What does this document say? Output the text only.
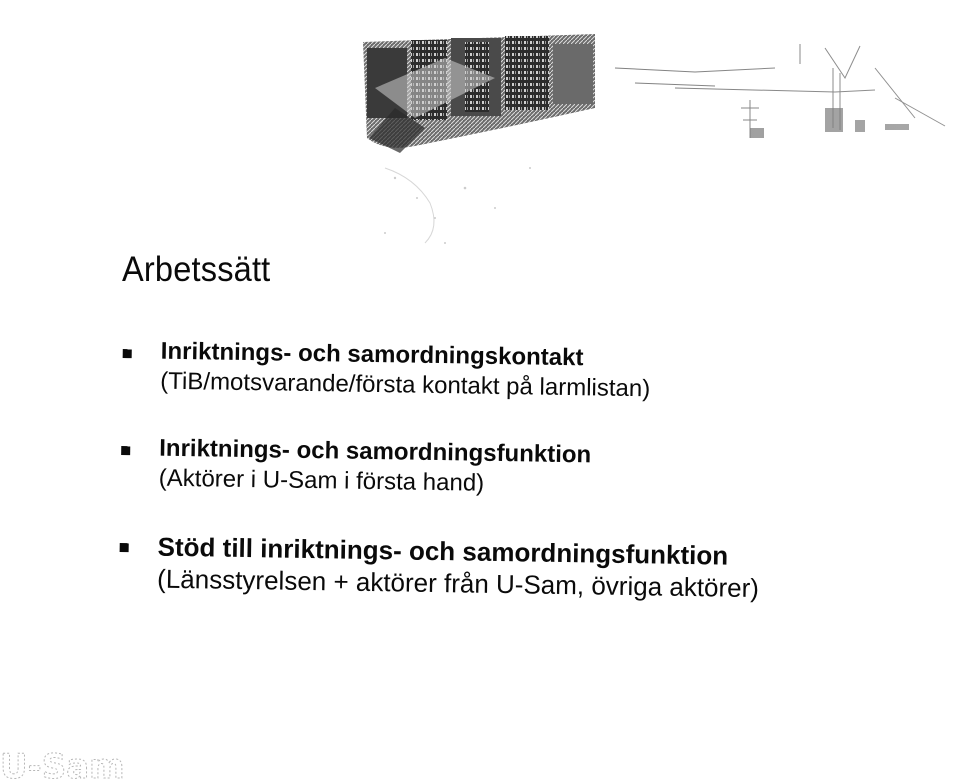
Arbetssätt
Inriktnings- och samordningskontakt
(TiB/motsvarande/första kontakt på larmlistan)
Inriktnings- och samordningsfunktion
(Aktörer i U-Sam i första hand)
Stöd till inriktnings- och samordningsfunktion
(Länsstyrelsen + aktörer från U-Sam, övriga aktörer)
U-Sam
